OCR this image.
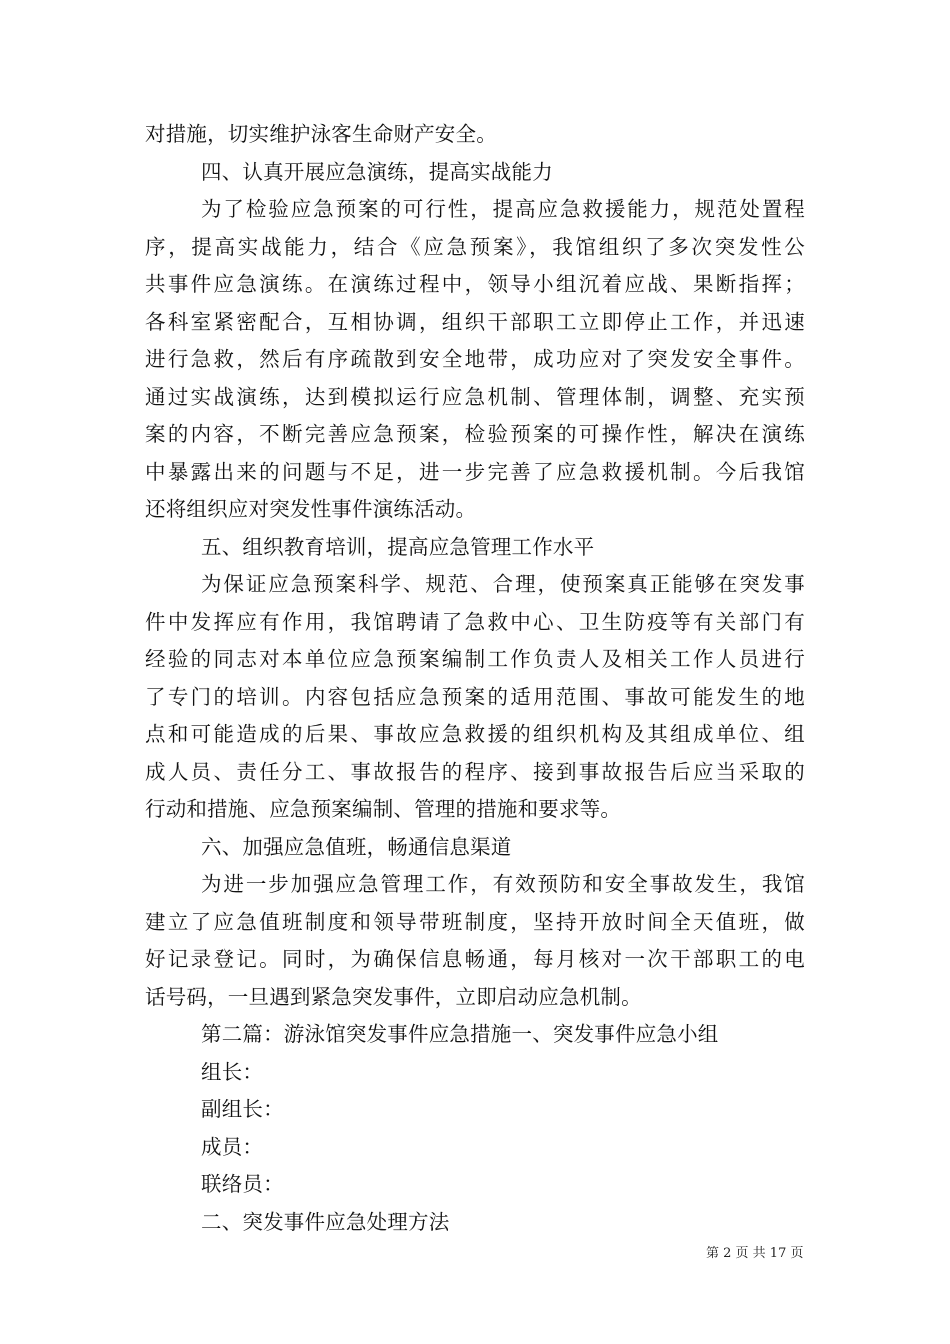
对措施，切实维护泳客生命财产安全。
四、认真开展应急演练，提高实战能力
为了检验应急预案的可行性，提高应急救援能力，规范处置程
序，提高实战能力，结合《应急预案》，我馆组织了多次突发性公
共事件应急演练。在演练过程中，领导小组沉着应战、果断指挥；
各科室紧密配合，互相协调，组织干部职工立即停止工作，并迅速
进行急救，然后有序疏散到安全地带，成功应对了突发安全事件。
通过实战演练，达到模拟运行应急机制、管理体制，调整、充实预
案的内容，不断完善应急预案，检验预案的可操作性，解决在演练
中暴露出来的问题与不足，进一步完善了应急救援机制。今后我馆
还将组织应对突发性事件演练活动。
五、组织教育培训，提高应急管理工作水平
为保证应急预案科学、规范、合理，使预案真正能够在突发事
件中发挥应有作用，我馆聘请了急救中心、卫生防疫等有关部门有
经验的同志对本单位应急预案编制工作负责人及相关工作人员进行
了专门的培训。内容包括应急预案的适用范围、事故可能发生的地
点和可能造成的后果、事故应急救援的组织机构及其组成单位、组
成人员、责任分工、事故报告的程序、接到事故报告后应当采取的
行动和措施、应急预案编制、管理的措施和要求等。
六、加强应急值班，畅通信息渠道
为进一步加强应急管理工作，有效预防和安全事故发生，我馆
建立了应急值班制度和领导带班制度，坚持开放时间全天值班，做
好记录登记。同时，为确保信息畅通，每月核对一次干部职工的电
话号码，一旦遇到紧急突发事件，立即启动应急机制。
第二篇：游泳馆突发事件应急措施一、突发事件应急小组
组长：
副组长：
成员：
联络员：
二、突发事件应急处理方法
第 2 页 共 17 页
